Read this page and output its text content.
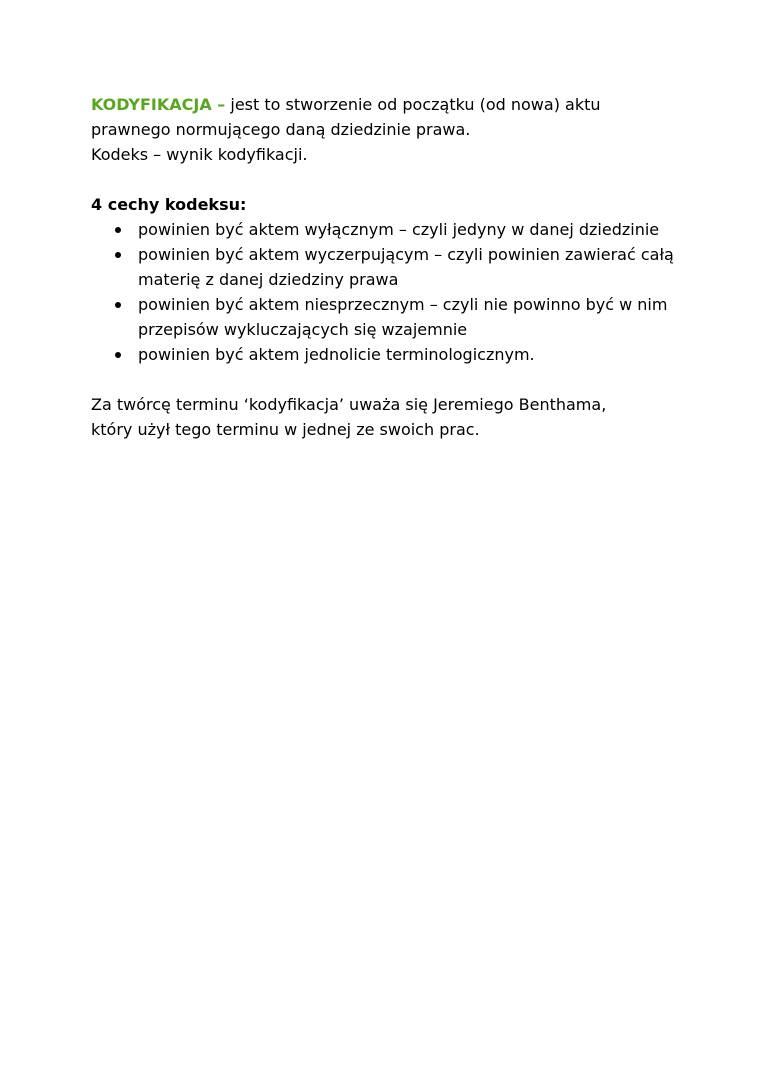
KODYFIKACJA – jest to stworzenie od początku (od nowa) aktu
prawnego normującego daną dziedzinie prawa.
Kodeks – wynik kodyfikacji.
4 cechy kodeksu:
powinien być aktem wyłącznym – czyli jedyny w danej dziedzinie
powinien być aktem wyczerpującym – czyli powinien zawierać całą materię z danej dziedziny prawa
powinien być aktem niesprzecznym – czyli nie powinno być w nim przepisów wykluczających się wzajemnie
powinien być aktem jednolicie terminologicznym.
Za twórcę terminu ‘kodyfikacja’ uważa się Jeremiego Benthama,
który użył tego terminu w jednej ze swoich prac.
